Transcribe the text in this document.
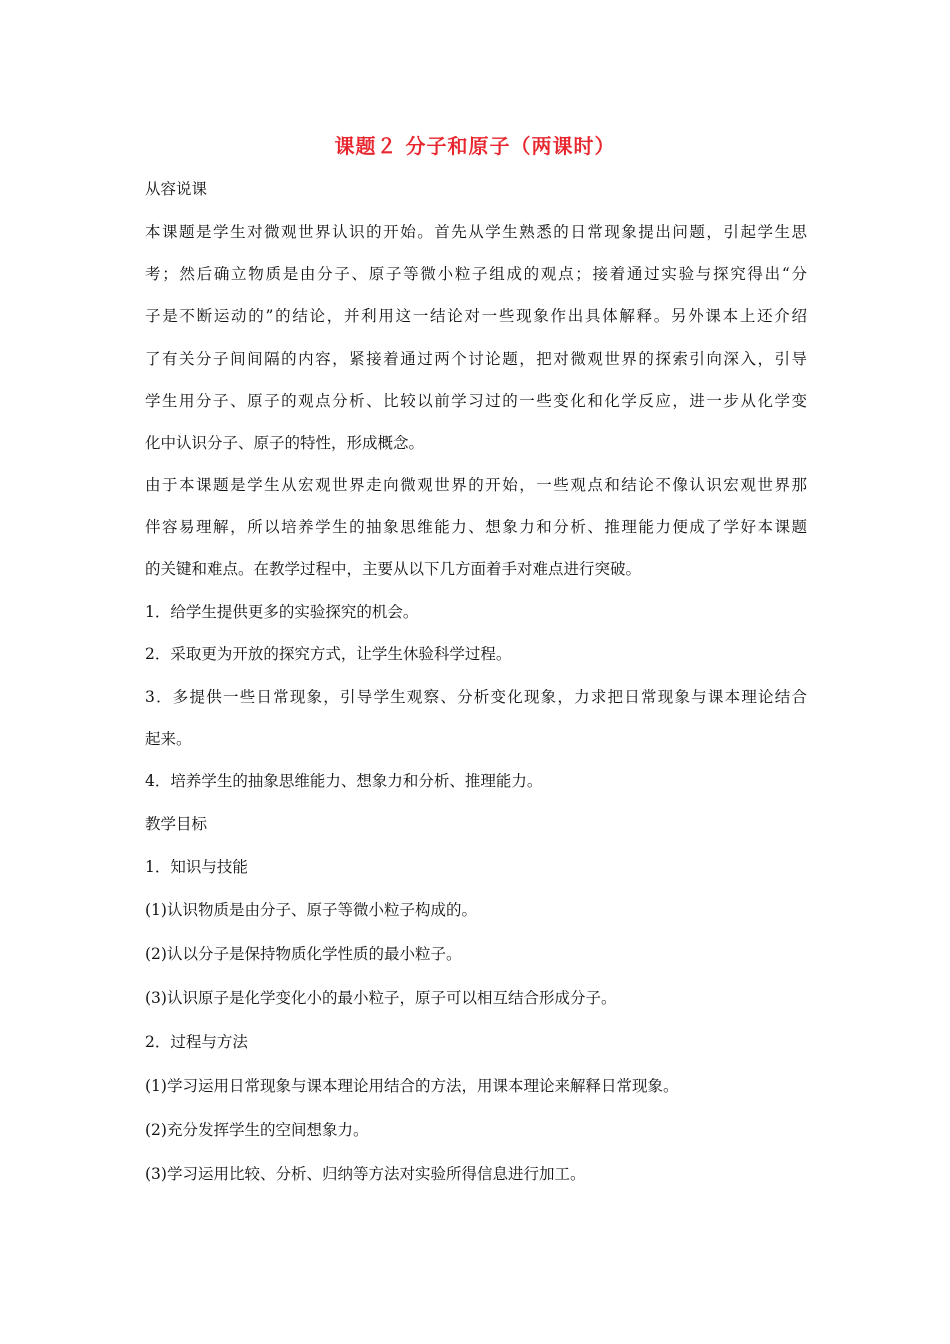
课题２ 分子和原子（两课时）
从容说课
本课题是学生对微观世界认识的开始。首先从学生熟悉的日常现象提出问题，引起学生思
考；然后确立物质是由分子、原子等微小粒子组成的观点；接着通过实验与探究得出“分
子是不断运动的”的结论，并利用这一结论对一些现象作出具体解释。另外课本上还介绍
了有关分子间间隔的内容，紧接着通过两个讨论题，把对微观世界的探索引向深入，引导
学生用分子、原子的观点分析、比较以前学习过的一些变化和化学反应，进一步从化学变
化中认识分子、原子的特性，形成概念。
由于本课题是学生从宏观世界走向微观世界的开始，一些观点和结论不像认识宏观世界那
伴容易理解，所以培养学生的抽象思维能力、想象力和分析、推理能力便成了学好本课题
的关键和难点。在教学过程中，主要从以下几方面着手对难点进行突破。
1．给学生提供更多的实验探究的机会。
2．采取更为开放的探究方式，让学生休验科学过程。
3．多提供一些日常现象，引导学生观察、分析变化现象，力求把日常现象与课本理论结合
起来。
4．培养学生的抽象思维能力、想象力和分析、推理能力。
教学目标
1．知识与技能
(1)认识物质是由分子、原子等微小粒子构成的。
(2)认以分子是保持物质化学性质的最小粒子。
(3)认识原子是化学变化小的最小粒子，原子可以相互结合形成分子。
2．过程与方法
(1)学习运用日常现象与课本理论用结合的方法，用课本理论来解释日常现象。
(2)充分发挥学生的空间想象力。
(3)学习运用比较、分析、归纳等方法对实验所得信息进行加工。
